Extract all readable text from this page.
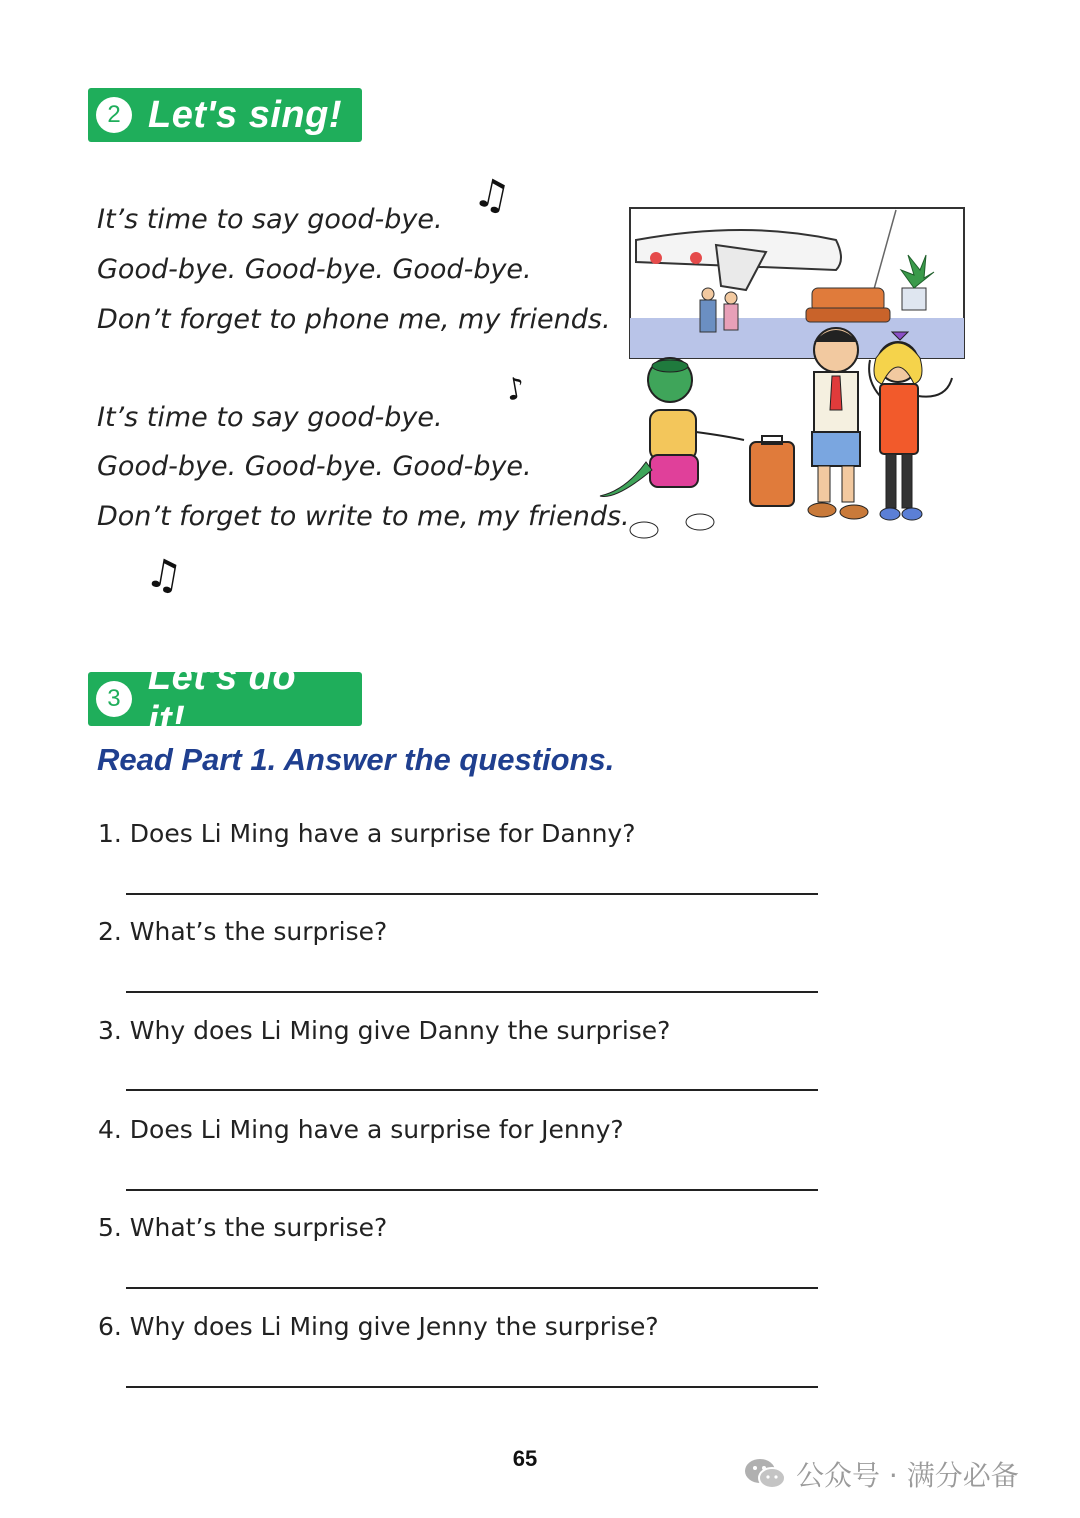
2 Let's sing!
It’s time to say good-bye.
Good-bye. Good-bye. Good-bye.
Don’t forget to phone me, my friends.
It’s time to say good-bye.
Good-bye. Good-bye. Good-bye.
Don’t forget to write to me, my friends.
♫
♪
♫
3
Let's do it!
Read Part 1. Answer the questions.
1. Does Li Ming have a surprise for Danny?
2. What’s the surprise?
3. Why does Li Ming give Danny the surprise?
4. Does Li Ming have a surprise for Jenny?
5. What’s the surprise?
6. Why does Li Ming give Jenny the surprise?
65
公众号 · 满分必备
